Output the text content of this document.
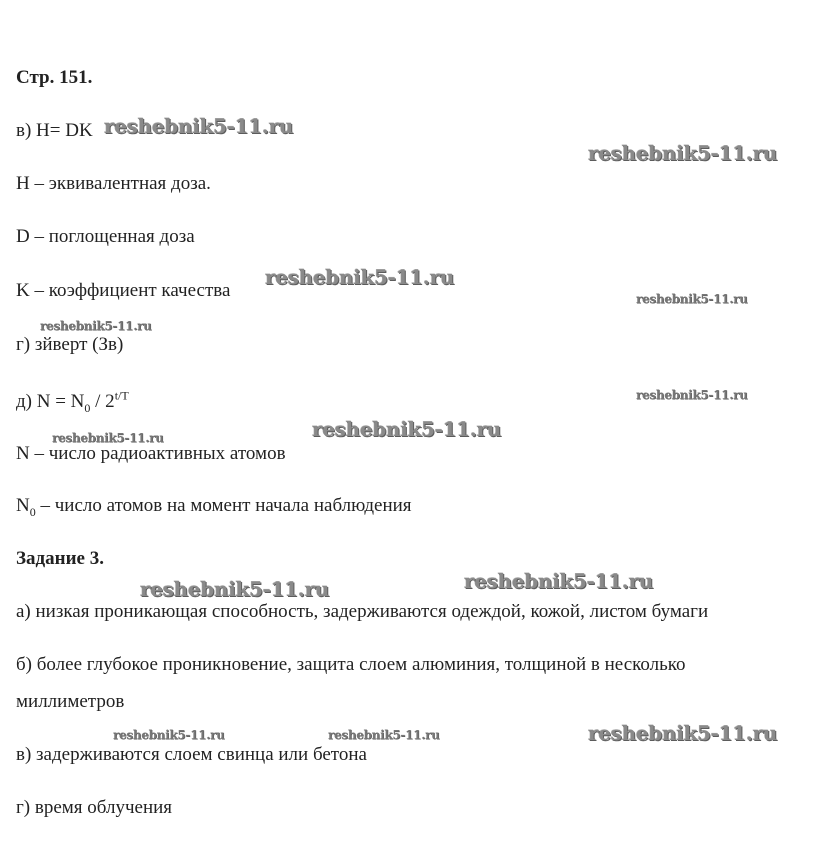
Стр. 151.
в) H= DK
H – эквивалентная доза.
D – поглощенная доза
K – коэффициент качества
г) зйверт (Зв)
д) $N = N_0 / 2^{t/T}$
N – число радиоактивных атомов
$N_0$ – число атомов на момент начала наблюдения
Задание 3.
а) низкая проникающая способность, задерживаются одеждой, кожой, листом бумаги
б) более глубокое проникновение, защита слоем алюминия, толщиной в несколько
миллиметров
в) задерживаются слоем свинца или бетона
г) время облучения
reshebnik5-11.ru
reshebnik5-11.ru
reshebnik5-11.ru
reshebnik5-11.ru
reshebnik5-11.ru
reshebnik5-11.ru
reshebnik5-11.ru
reshebnik5-11.ru
reshebnik5-11.ru	reshebnik5-11.ru
reshebnik5-11.ru
reshebnik5-11.ru	reshebnik5-11.ru
